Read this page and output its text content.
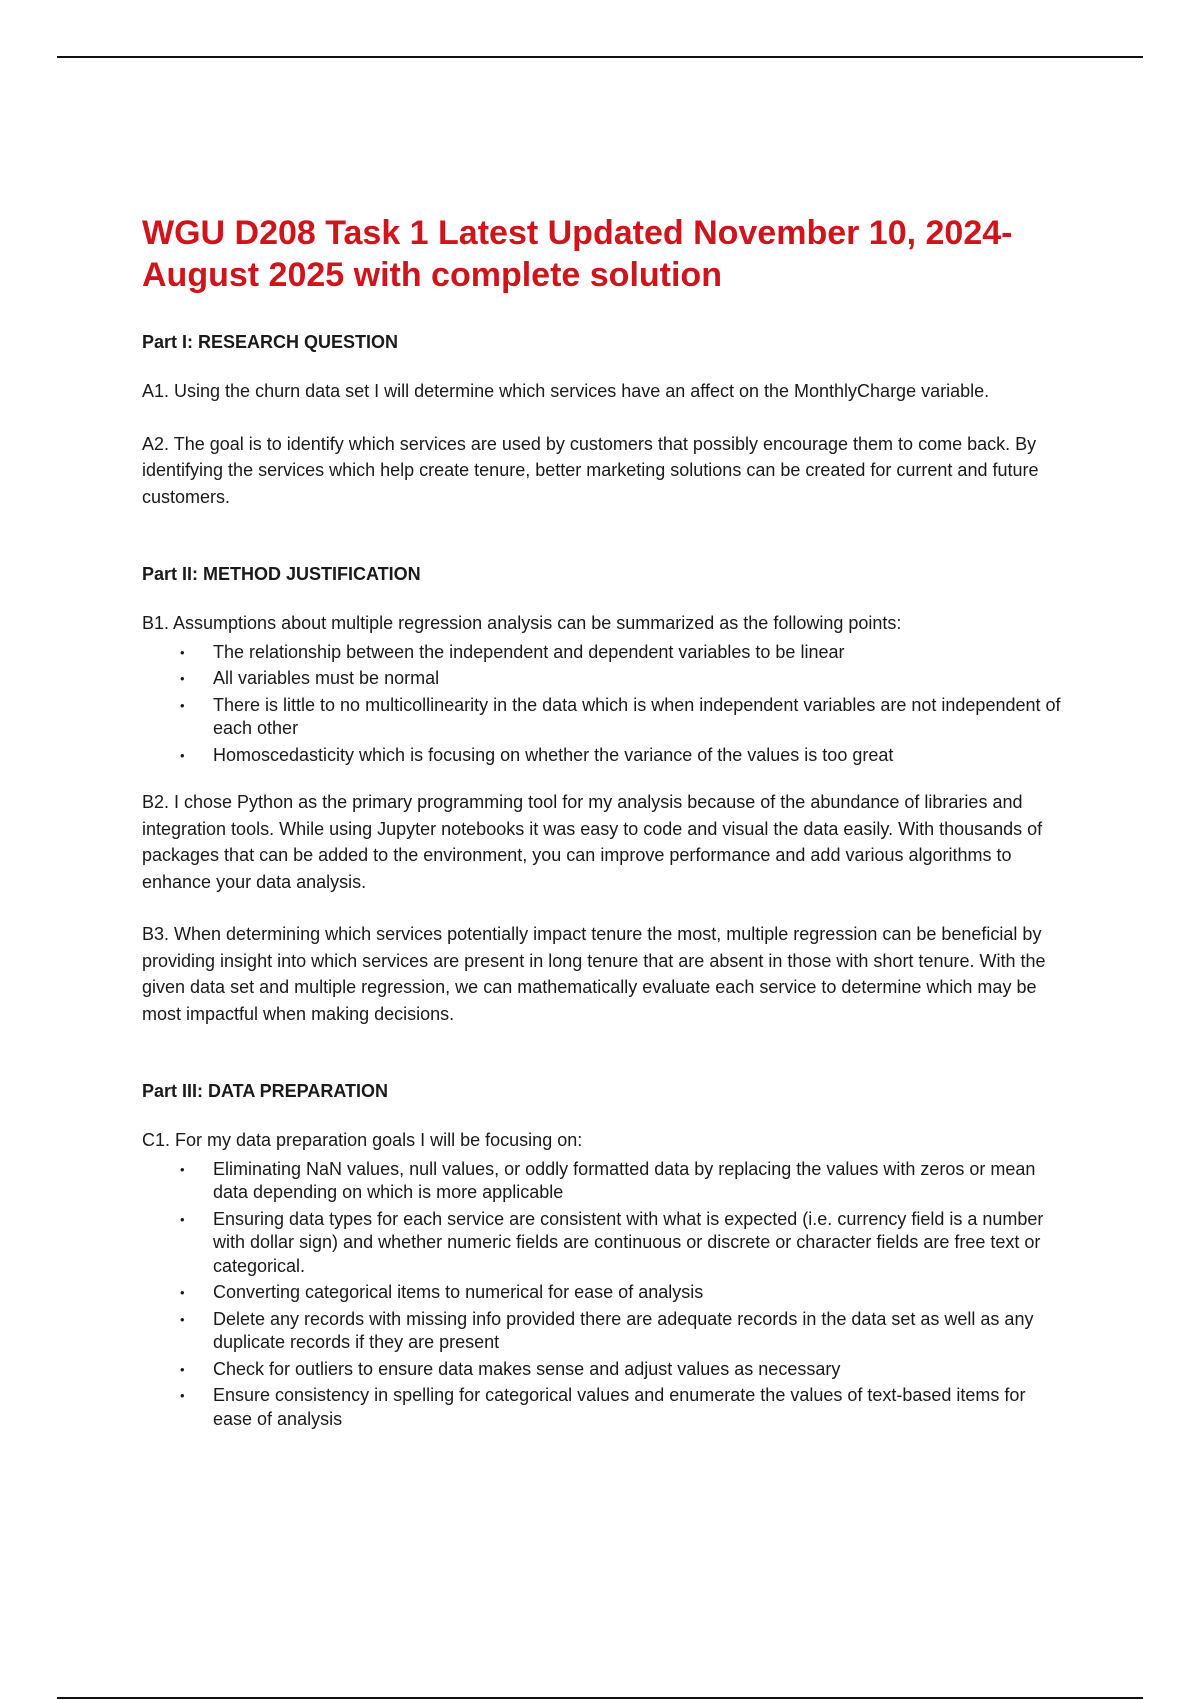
WGU D208 Task 1 Latest Updated November 10, 2024-August 2025 with complete solution
Part I: RESEARCH QUESTION

A1. Using the churn data set I will determine which services have an affect on the MonthlyCharge variable.

A2. The goal is to identify which services are used by customers that possibly encourage them to come back. By identifying the services which help create tenure, better marketing solutions can be created for current and future customers.

Part II: METHOD JUSTIFICATION

B1. Assumptions about multiple regression analysis can be summarized as the following points:

• The relationship between the independent and dependent variables to be linear
• All variables must be normal
• There is little to no multicollinearity in the data which is when independent variables are not independent of each other
• Homoscedasticity which is focusing on whether the variance of the values is too great

B2. I chose Python as the primary programming tool for my analysis because of the abundance of libraries and integration tools. While using Jupyter notebooks it was easy to code and visual the data easily. With thousands of packages that can be added to the environment, you can improve performance and add various algorithms to enhance your data analysis.

B3. When determining which services potentially impact tenure the most, multiple regression can be beneficial by providing insight into which services are present in long tenure that are absent in those with short tenure. With the given data set and multiple regression, we can mathematically evaluate each service to determine which may be most impactful when making decisions.

Part III: DATA PREPARATION

C1. For my data preparation goals I will be focusing on:

• Eliminating NaN values, null values, or oddly formatted data by replacing the values with zeros or mean data depending on which is more applicable
• Ensuring data types for each service are consistent with what is expected (i.e. currency field is a number with dollar sign) and whether numeric fields are continuous or discrete or character fields are free text or categorical.
• Converting categorical items to numerical for ease of analysis
• Delete any records with missing info provided there are adequate records in the data set as well as any duplicate records if they are present
• Check for outliers to ensure data makes sense and adjust values as necessary
• Ensure consistency in spelling for categorical values and enumerate the values of text-based items for ease of analysis
